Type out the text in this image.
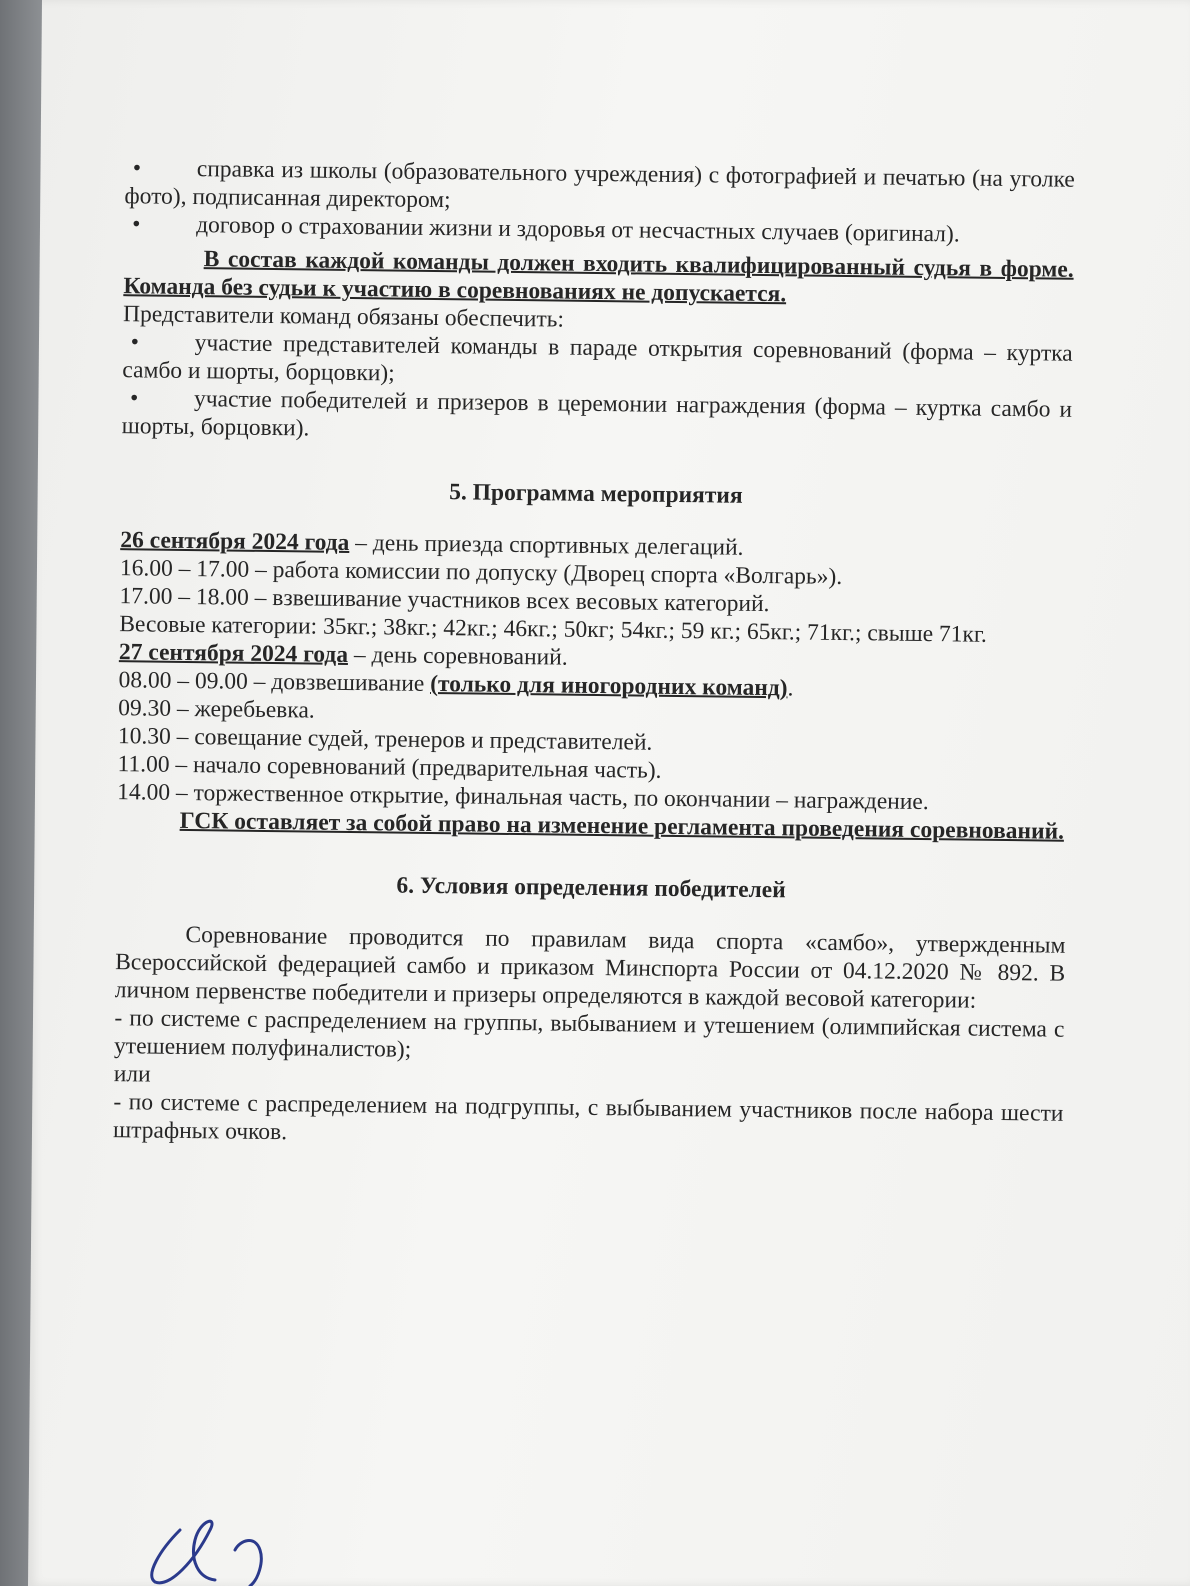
•	справка из школы (образовательного учреждения) с фотографией и печатью (на уголке фото), подписанная директором;
•	договор о страховании жизни и здоровья от несчастных случаев (оригинал).

В состав каждой команды должен входить квалифицированный судья в форме. Команда без судьи к участию в соревнованиях не допускается.

Представители команд обязаны обеспечить:

•	участие представителей команды в параде открытия соревнований (форма – куртка самбо и шорты, борцовки);
•	участие победителей и призеров в церемонии награждения (форма – куртка самбо и шорты, борцовки).

5. Программа мероприятия

26 сентября 2024 года – день приезда спортивных делегаций.

16.00 – 17.00 – работа комиссии по допуску (Дворец спорта «Волгарь»).

17.00 – 18.00 – взвешивание участников всех весовых категорий.

Весовые категории: 35кг.; 38кг.; 42кг.; 46кг.; 50кг; 54кг.; 59 кг.; 65кг.; 71кг.; свыше 71кг.

27 сентября 2024 года – день соревнований.

08.00 – 09.00 – довзвешивание (только для иногородних команд).

09.30 – жеребьевка.

10.30 – совещание судей, тренеров и представителей.

11.00 – начало соревнований (предварительная часть).

14.00 – торжественное открытие, финальная часть, по окончании – награждение.

ГСК оставляет за собой право на изменение регламента проведения соревнований.

6. Условия определения победителей

Соревнование проводится по правилам вида спорта «самбо», утвержденным Всероссийской федерацией самбо и приказом Минспорта России от 04.12.2020 № 892. В личном первенстве победители и призеры определяются в каждой весовой категории:

- по системе с распределением на группы, выбыванием и утешением (олимпийская система с утешением полуфиналистов);

или

- по системе с распределением на подгруппы, с выбыванием участников после набора шести штрафных очков.
